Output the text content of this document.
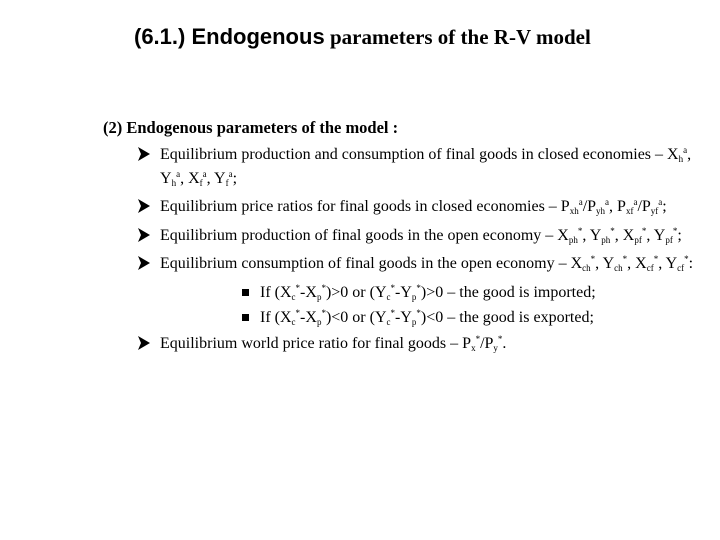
(6.1.) Endogenous parameters of the R-V model
(2) Endogenous parameters of the model :
Equilibrium production and consumption of final goods in closed economies – $X_h^a$, $Y_h^a$, $X_f^a$, $Y_f^a$;
Equilibrium price ratios for final goods in closed economies – $P_{xh}^a/P_{yh}^a$, $P_{xf}^a/P_{yf}^a$;
Equilibrium production of final goods in the open economy – $X_{ph}^*$, $Y_{ph}^*$, $X_{pf}^*$, $Y_{pf}^*$;
Equilibrium consumption of final goods in the open economy – $X_{ch}^*$, $Y_{ch}^*$, $X_{cf}^*$, $Y_{cf}^*$:
If $(X_c^*-X_p^*)>0$ or $(Y_c^*-Y_p^*)>0$ – the good is imported;
If $(X_c^*-X_p^*)<0$ or $(Y_c^*-Y_p^*)<0$ – the good is exported;
Equilibrium world price ratio for final goods – $P_x^*/P_y^*$.
